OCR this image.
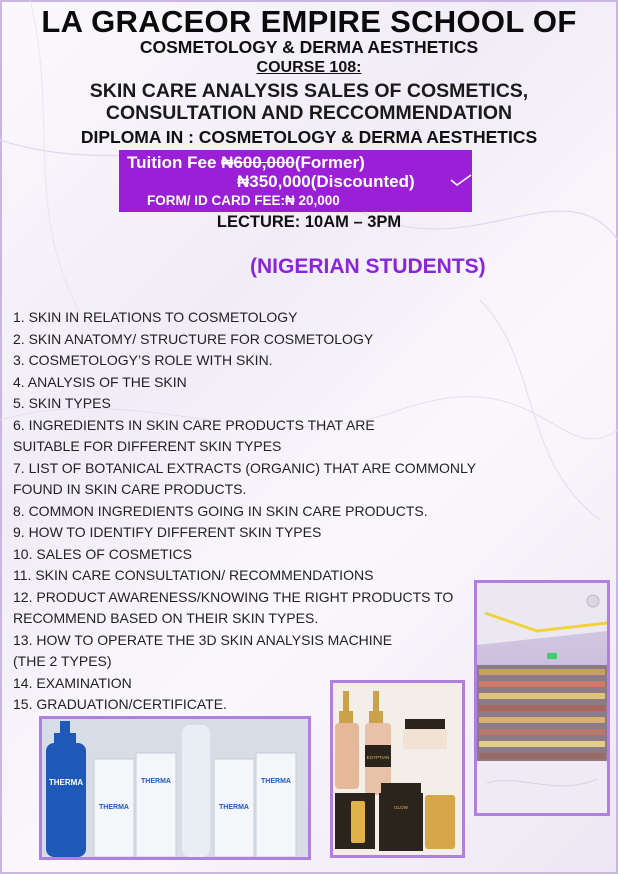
LA GRACEOR EMPIRE SCHOOL OF
COSMETOLOGY & DERMA AESTHETICS
COURSE 108:
SKIN CARE ANALYSIS SALES OF COSMETICS,
CONSULTATION AND RECCOMMENDATION
DIPLOMA IN : COSMETOLOGY & DERMA AESTHETICS
Tuition Fee ₦600,000(Former)
₦350,000(Discounted)
FORM/ ID CARD FEE:₦ 20,000
LECTURE: 10AM – 3PM
(NIGERIAN STUDENTS)
1. SKIN IN RELATIONS TO COSMETOLOGY
2. SKIN ANATOMY/ STRUCTURE FOR COSMETOLOGY
3. COSMETOLOGY’S ROLE WITH SKIN.
4. ANALYSIS OF THE SKIN
5. SKIN TYPES
6. INGREDIENTS IN SKIN CARE PRODUCTS THAT ARE
SUITABLE FOR DIFFERENT SKIN TYPES
7. LIST OF BOTANICAL EXTRACTS (ORGANIC) THAT ARE COMMONLY
FOUND IN SKIN CARE PRODUCTS.
8. COMMON INGREDIENTS GOING IN SKIN CARE PRODUCTS.
9. HOW TO IDENTIFY DIFFERENT SKIN TYPES
10. SALES OF COSMETICS
11. SKIN CARE CONSULTATION/ RECOMMENDATIONS
12. PRODUCT AWARENESS/KNOWING THE RIGHT PRODUCTS TO
RECOMMEND BASED ON THEIR SKIN TYPES.
13. HOW TO OPERATE THE 3D SKIN ANALYSIS MACHINE
(THE 2 TYPES)
14. EXAMINATION
15. GRADUATION/CERTIFICATE.
EGYPTIAN
GLOW
THERMA
THERMA
THERMA
THERMA
THERMA
